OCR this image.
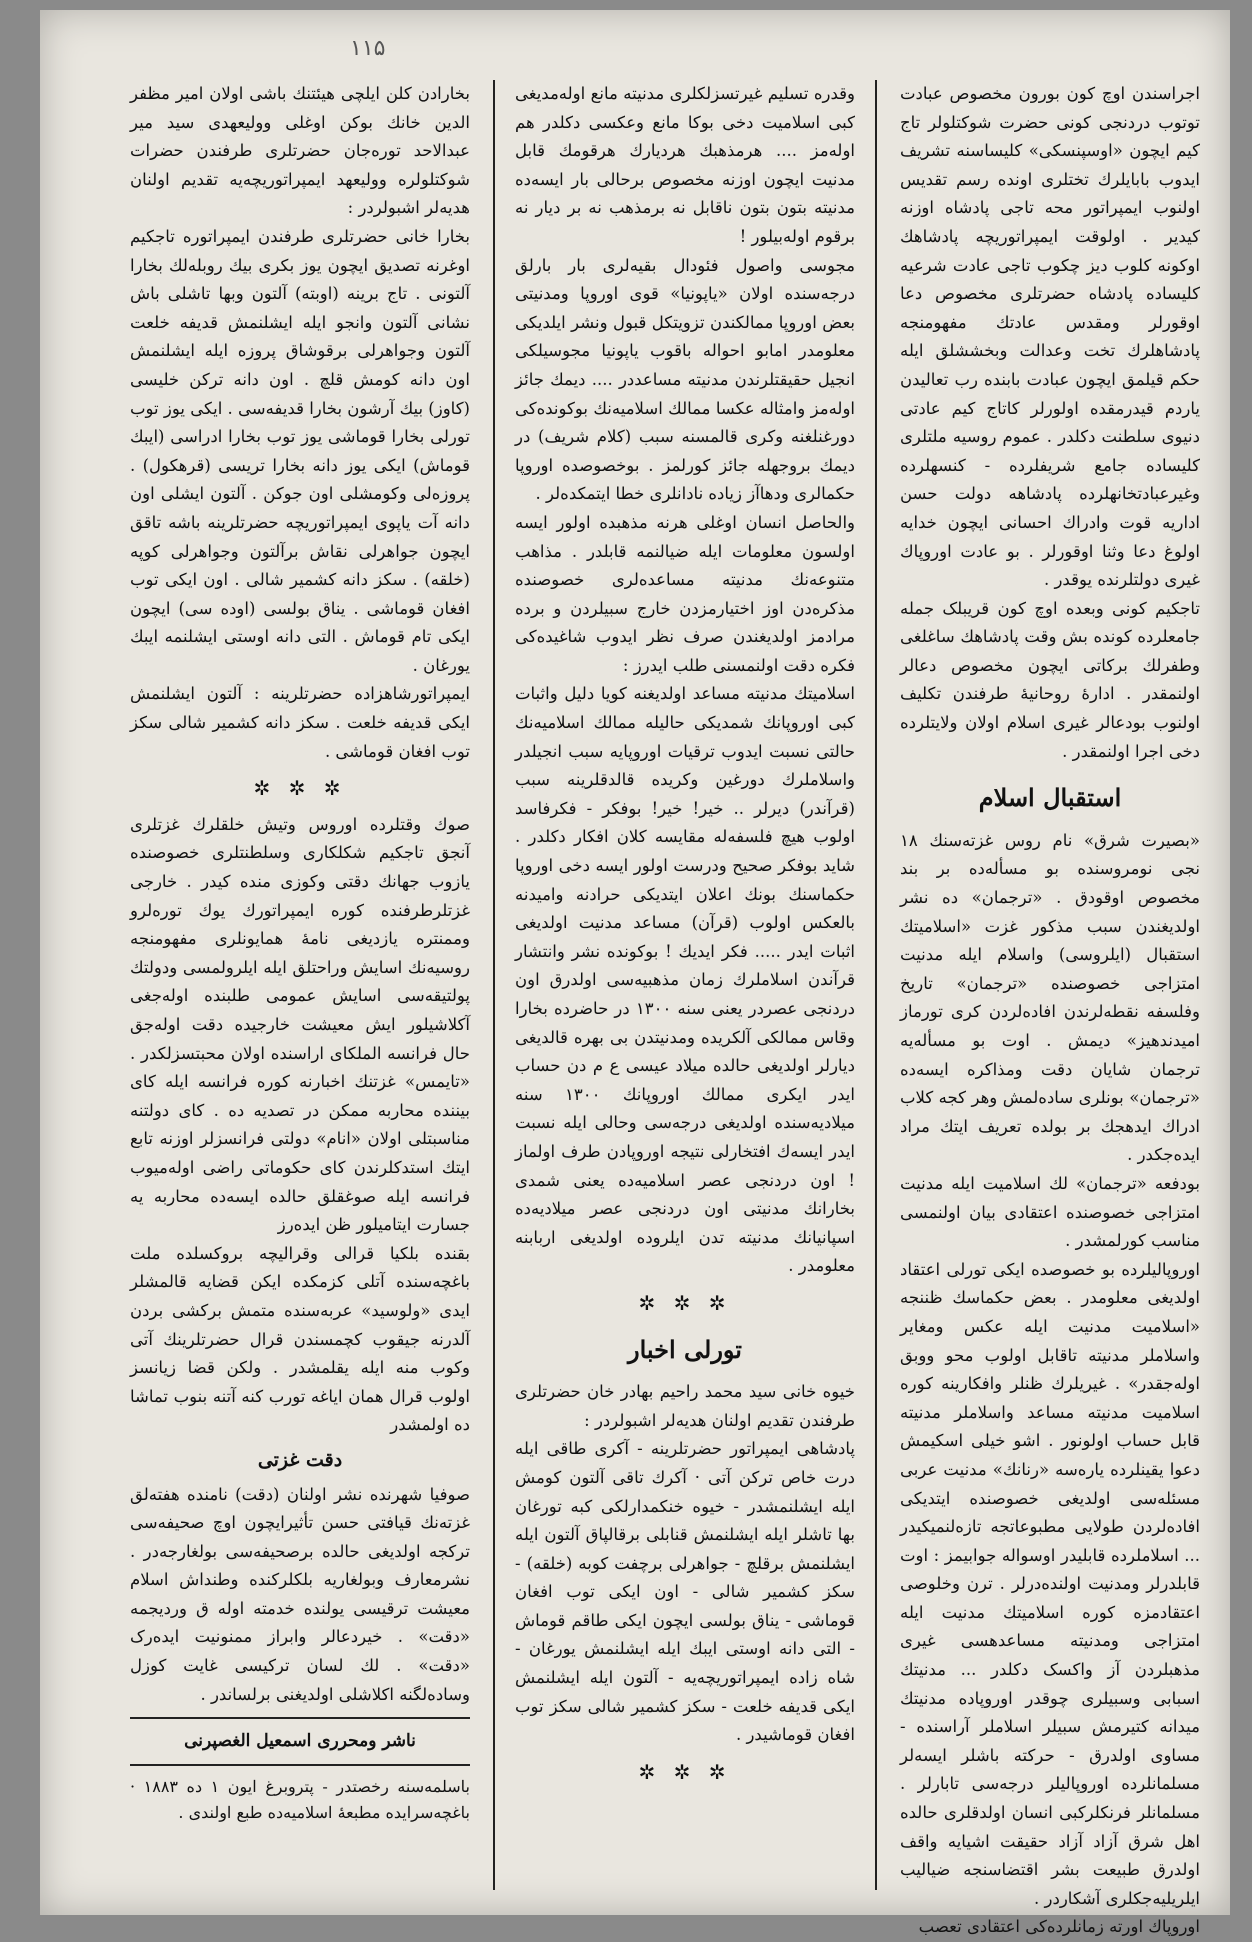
۱۱۵

اجراسندن اوچ کون بورون مخصوص عبادت توتوب دردنجی کونی حضرت شوکتلولر تاج کیم ایچون «اوسپنسکی» کلیساسنه تشریف ایدوب بابایلرك تختلری اونده رسم تقدیس اولنوب ایمپراتور محه تاجی پادشاه اوزنه کیدیر . اولوقت ایمپراتوریچه پادشاهك اوکونه کلوب دیز چکوب تاجی عادت شرعیه کلیساده پادشاه حضرتلری مخصوص دعا اوقورلر ومقدس عادتك مفهومنجه پادشاهلرك تخت وعدالت وبخششلق ایله حکم قیلمق ایچون عبادت بابنده رب تعالیدن یاردم قیدرمقده اولورلر کاتاج کیم عادتی دنیوی سلطنت دکلدر . عموم روسیه ملتلری کلیساده جامع شریفلرده - کنسهلرده وغیرعبادتخانهلرده پادشاهه دولت حسن اداریه قوت وادراك احسانی ایچون خدایه اولوغ دعا وثنا اوقورلر . بو عادت اوروپاك غیری دولتلرنده یوقدر .

تاجکیم کونی وبعده اوچ کون قریبلک جمله جامعلرده کونده بش وقت پادشاهك ساغلغی وطفرلك برکاتی ایچون مخصوص دعالر اولنمقدر . ادارهٔ روحانیهٔ طرفندن تکلیف اولنوب بودعالر غیری اسلام اولان ولایتلرده دخی اجرا اولنمقدر .

استقبال اسلام

«بصیرت شرق» نام روس غزته‌سنك ۱۸ نجی نومروسنده بو مسأله‌ده بر بند مخصوص اوقودق . «ترجمان» ده نشر اولدیغندن سبب مذکور غزت «اسلامیتك استقبال (ایلروسی) واسلام ایله مدنیت امتزاجی خصوصنده «ترجمان» تاریخ وفلسفه نقطه‌لرندن افاده‌لردن کری تورماز امیدندهیز» دیمش . اوت بو مسأله‌یه ترجمان شایان دقت ومذاکره ایسه‌ده «ترجمان» بونلری ساده‌لمش وهر کجه کلاب ادراك ایدهجك بر بولده تعریف ایتك مراد ایده‌جکدر .

بودفعه «ترجمان» لك اسلامیت ایله مدنیت امتزاجی خصوصنده اعتقادی بیان اولنمسی مناسب کورلمشدر .

اوروپالیلرده بو خصوصده ایکی تورلی اعتقاد اولدیغی معلومدر . بعض حکماسك ظننجه «اسلامیت مدنیت ایله عکس ومغایر واسلاملر مدنیته تاقابل اولوب محو ووبق اوله‌جقدر» . غیریلرك ظنلر وافکارینه کوره اسلامیت مدنیته مساعد واسلاملر مدنیته قابل حساب اولونور . اشو خیلی اسکیمش دعوا یقینلرده یاره‌سه «رنانك» مدنیت عربی مسئله‌سی اولدیغی خصوصنده ایتدیکی افاده‌لردن طولایی مطبوعاتجه تازه‌لنمیکیدر ... اسلاملرده قابلیدر اوسواله جوابیمز : اوت قابلدرلر ومدنیت اولنده‌درلر . ترن وخلوصی اعتقادمزه کوره اسلامیتك مدنیت ایله امتزاجی ومدنیته مساعدهسی غیری مذهبلردن آز واکسک دکلدر ... مدنیتك اسبابی وسبیلری چوقدر اوروپاده مدنیتك میدانه کتیرمش سبیلر اسلاملر آراسنده - مساوی اولدرق - حرکته باشلر ایسه‌لر مسلمانلرده اوروپالیلر درجه‌سی تابارلر . مسلمانلر فرنکلرکبی انسان اولدقلری حالده اهل شرق آزاد آزاد حقیقت اشیایه واقف اولدرق طبیعت بشر اقتضاسنجه ضیالیب ایلریلیه‌جکلری آشکاردر .

اوروپاك اورته زمانلرده‌کی اعتقادی تعصب

وقدره تسلیم غیرتسزلکلری مدنیته مانع اوله‌مدیغی کبی اسلامیت دخی بوکا مانع وعکسی دکلدر هم اوله‌مز .... هرمذهبك هردیارك هرقومك قابل مدنیت ایچون اوزنه مخصوص برحالی بار ایسه‌ده مدنیته بتون بتون ناقابل نه برمذهب نه بر دیار نه برقوم اوله‌بیلور !

مجوسی واصول فئودال بقیه‌لری بار بارلق درجه‌سنده اولان «یاپونیا» قوی اوروپا ومدنیتی بعض اوروپا ممالکندن تزو‌یتکل قبول ونشر ایلدیکی معلومدر امابو احواله باقوب یاپونیا مجوسیلکی انجیل حقیقتلرندن مدنیته مساعددر .... دیمك جائز اوله‌مز وامثاله عکسا ممالك اسلامیه‌نك بوکونده‌کی دورغنلغنه وکری قالمسنه سبب (کلام شریف) در دیمك بروجهله جائز کورلمز . بوخصوصده اوروپا حکمالری ودهاآز زیاده نادانلری خطا ایتمکده‌لر .

والحاصل انسان اوغلی هرنه مذهبده اولور ایسه اولسون معلومات ایله ضیالنمه قابلدر . مذاهب متنوعه‌نك مدنیته مساعده‌لری خصوصنده مذکره‌دن اوز اختیارمزدن خارج سبیلردن و برده مرادمز اولدیغندن صرف نظر ایدوب شاغیده‌کی فکره دقت اولنمسنی طلب ایدرز :

اسلامیتك مدنیته مساعد اولدیغنه کویا دلیل واثبات کبی اوروپانك شمدیکی حالیله ممالك اسلامیه‌نك حالتی نسبت ایدوب ترقیات اوروپایه سبب انجیلدر واسلاملرك دورغین وکریده قالدقلرینه سبب (قرآندر) دیرلر .. خیر! خیر! بوفکر - فکرفاسد اولوب هیچ فلسفه‌له مقایسه کلان افکار دکلدر . شاید بوفکر صحیح ودرست اولور ایسه دخی اوروپا حکماسنك بونك اعلان ایتدیکی حرادنه وامیدنه بالعکس اولوب (قرآن) مساعد مدنیت اولدیغی اثبات ایدر ..... فکر ایدیك ! بوکونده نشر وانتشار قرآندن اسلاملرك زمان مذهبیه‌سی اولدرق اون دردنجی عصردر یعنی سنه ۱۳۰۰ در حاضرده بخارا وقاس ممالکی آلکریده ومدنیتدن بی بهره قالدیغی دیارلر اولدیغی حالده میلاد عیسی ع م دن حساب ایدر ایکری ممالك اوروپانك ۱۳۰۰ سنه میلادیه‌سنده اولدیغی درجه‌سی وحالی ایله نسبت ایدر ایسه‌ك افتخارلی نتیجه اوروپادن طرف اولماز ! اون دردنجی عصر اسلامیه‌ده یعنی شمدی بخارانك مدنیتی اون دردنجی عصر میلادیه‌ده اسپانیانك مدنیته تدن ایلروده اولدیغی اربابنه معلومدر .

✲ ✲ ✲
تورلی اخبار

خیوه خانی سید محمد راحیم بهادر خان حضرتلری طرفندن تقدیم اولنان هدیه‌لر اشبولردر :

پادشاهی ایمپراتور حضرتلرینه - آکری طاقی ایله درت خاص ترکن آتی · آکرك تاقی آلتون کومش ایله ایشلنمشدر - خیوه خنکمدارلکی کبه تورغان بها تاشلر ایله ایشلنمش قنابلی برقالپاق آلتون ایله ایشلنمش برقلچ - جواهرلی برچفت کوبه (خلقه) - سکز کشمیر شالی - اون ایکی توب افغان قوماشی - یناق بولسی ایچون ایکی طاقم قوماش - التی دانه اوستی ایبك ایله ایشلنمش یورغان - شاه زاده ایمپراتوریچه‌یه - آلتون ایله ایشلنمش ایکی قدیفه خلعت - سکز کشمیر شالی سکز توب افغان قوماشیدر .

✲ ✲ ✲

بخارادن کلن ایلچی هیئتنك باشی اولان امیر مظفر الدین خانك بوکن اوغلی وولیعهدی سید میر عبدالاحد توره‌جان حضرتلری طرفندن حضرات شوکتلولره وولیعهد ایمپراتوریچه‌یه تقدیم اولنان هدیه‌لر اشبولردر :

بخارا خانی حضرتلری طرفندن ایمپراتوره تاجکیم اوغرنه تصدیق ایچون یوز بکری بیك روبله‌لك بخارا آلتونی . تاج برینه (اوبته) آلتون وبها تاشلی باش نشانی آلتون وانجو ایله ایشلنمش قدیفه خلعت آلتون وجواهرلی برقوشاق پروزه ایله ایشلنمش اون دانه کومش قلچ . اون دانه ترکن خلیسی (کاوز) بیك آرشون بخارا قدیفه‌سی . ایکی یوز توب تورلی بخارا قوماشی یوز توب بخارا ادراسی (ایبك قوماش) ایکی یوز دانه بخارا تریسی (قرهکول) . پروزه‌لی وکومشلی اون جوکن . آلتون ایشلی اون دانه آت یاپوی ایمپراتوریچه حضرتلرینه باشه تاقق ایچون جواهرلی نقاش برآلتون وجواهرلی کوپه (خلقه) . سکز دانه کشمیر شالی . اون ایکی توب افغان قوماشی . یناق بولسی (اوده سی) ایچون ایکی تام قوماش . التی دانه اوستی ایشلنمه ایبك یورغان .

ایمپراتورشاهزاده حضرتلرینه : آلتون ایشلنمش ایکی قدیفه خلعت . سکز دانه کشمیر شالی سکز توب افغان قوماشی .

✲ ✲ ✲

صوك وقتلرده اوروس وتیش خلقلرك غزتلری آنجق تاجکیم شکلکاری وسلطنتلری خصوصنده یازوب جهانك دقتی وکوزی منده کیدر . خارجی غزتلرطرفنده کوره ایمپراتورك یوك توره‌لرو وممنتره یازدیغی نامهٔ همایونلری مفهومنجه روسیه‌نك اسایش وراحتلق ایله ایلرولمسی ودولتك پولتیقه‌سی اسایش عمومی طلبنده اوله‌جغی آکلاشیلور ایش معیشت خارجیده دقت اوله‌جق حال فرانسه الملکای اراسنده اولان محبتسزلکدر . «تایمس» غزتنك اخبارنه کوره فرانسه ایله کای بیننده محاربه ممکن در تصدیه ده . کای دولتنه مناسبتلی اولان «انام» دولتی فرانسزلر اوزنه تابع ایتك استدکلرندن کای حکوماتی راضی اوله‌میوب فرانسه ایله صوغقلق حالده ایسه‌ده محاربه یه جسارت ایتامیلور ظن ایده‌رز

بقنده بلکیا قرالی وقرالیچه بروکسلده ملت باغچه‌سنده آتلی کزمکده ایکن قضایه قالمشلر ایدی «ولوسید» عربه‌سنده متمش برکشی بردن آلدرنه جیقوب کچمسندن قرال حضرتلرینك آتی وکوب منه ایله یقلمشدر . ولکن قضا زیانسز اولوب قرال همان ایاغه تورب کنه آتنه بنوب تماشا ده اولمشدر

دقت غزتی

صوفیا شهرنده نشر اولنان (دقت) نامنده هفته‌لق غزته‌نك قیافتی حسن تأثیرایچون اوچ صحیفه‌سی ترکجه اولدیغی حالده برصحیفه‌سی بولغارجه‌در . نشرمعارف وبولغاریه بلکلرکنده وطنداش اسلام معیشت ترقیسی یولنده خدمته اوله ق وردیجمه «دقت» . خیردعالر وابراز ممنونیت ایده‌رک «دقت» . لك لسان ترکیسی غایت کوزل وساده‌لگنه اکلاشلی اولدیغنی برلساندر .

ناشر ومحرری اسمعیل الغصپرنی

باسلمه‌سنه رخصتدر - پتروبرغ ایون ۱ ده ۱۸۸۳ · باغچه‌سرایده مطبعهٔ اسلامیه‌ده طبع اولندی .
